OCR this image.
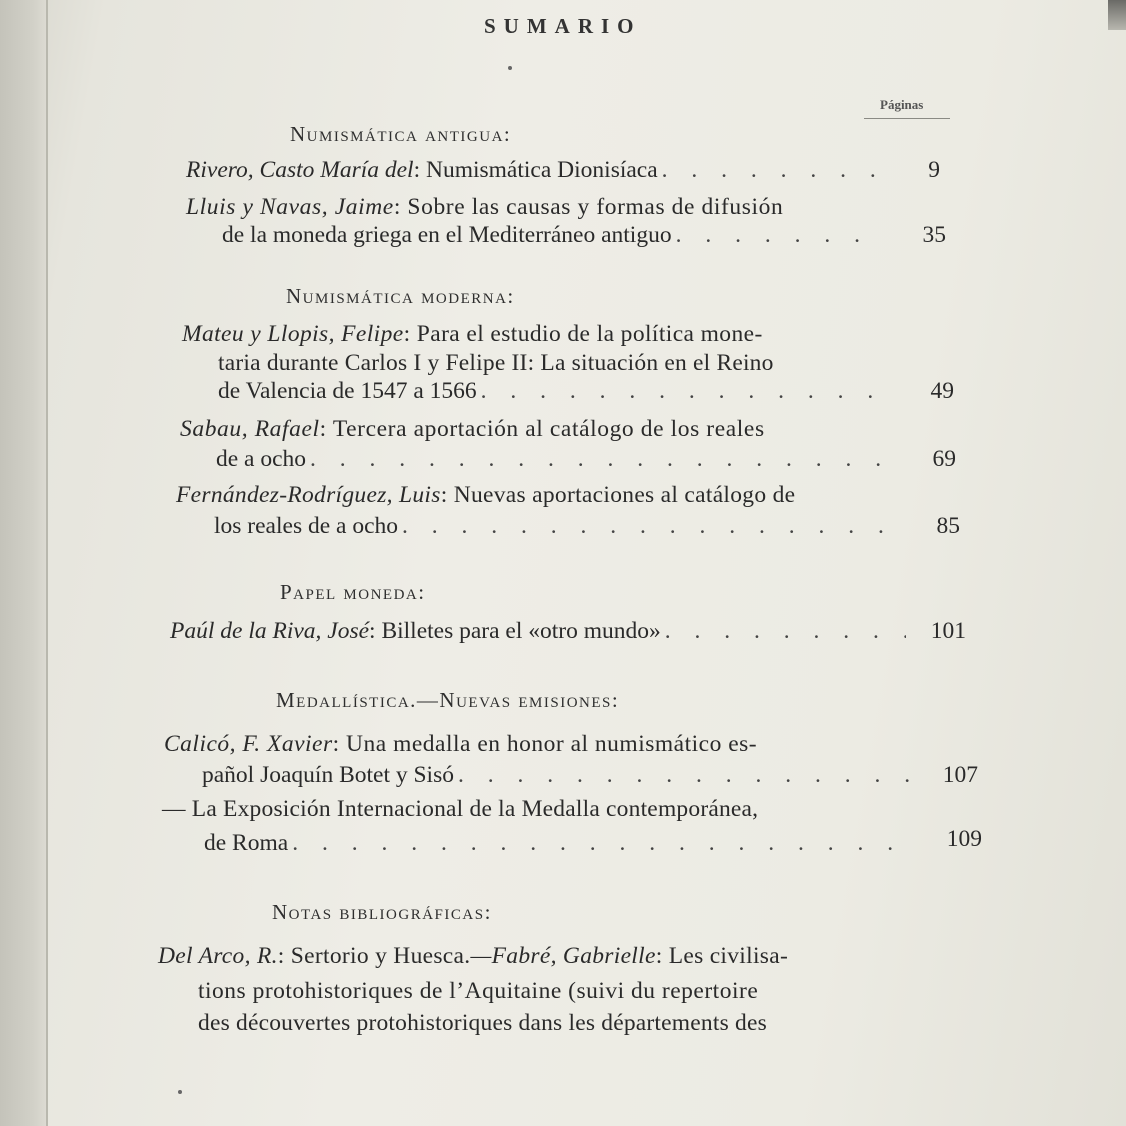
SUMARIO
Páginas
Numismática antigua:
Rivero, Casto María del : Numismática Dionisíaca . . .	9
Lluis y Navas, Jaime: Sobre las causas y formas de difusión
de la moneda griega en el Mediterráneo antiguo . . .	35
Numismática moderna:
Mateu y Llopis, Felipe: Para el estudio de la política mone-
taria durante Carlos I y Felipe II: La situación en el Reino
de Valencia de 1547 a 1566 . . .	49
Sabau, Rafael: Tercera aportación al catálogo de los reales
de a ocho . . .	69
Fernández-Rodríguez, Luis: Nuevas aportaciones al catálogo de
los reales de a ocho . . .	85
Papel moneda:
Paúl de la Riva, José : Billetes para el «otro mundo» . . .	101
Medallística.—Nuevas emisiones:
Calicó, F. Xavier: Una medalla en honor al numismático es-
pañol Joaquín Botet y Sisó . . .	107
— La Exposición Internacional de la Medalla contemporánea,
de Roma . . .	109
Notas bibliográficas:
Del Arco, R.: Sertorio y Huesca.—Fabré, Gabrielle: Les civilisa-
tions protohistoriques de l’Aquitaine (suivi du repertoire
des découvertes protohistoriques dans les départements des
